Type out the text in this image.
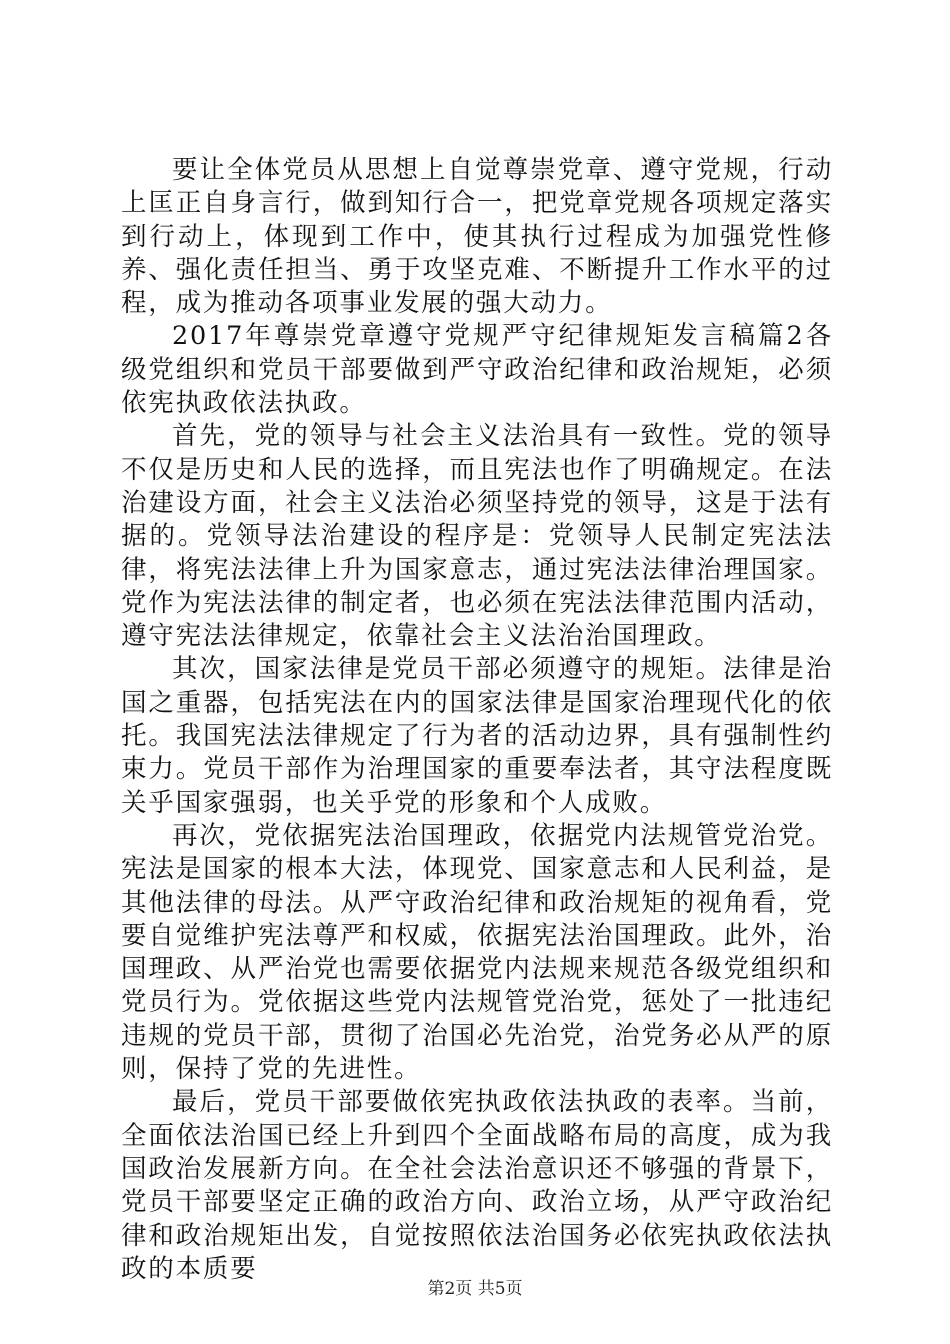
要让全体党员从思想上自觉尊崇党章、遵守党规，行动上匡正自身言行，做到知行合一，把党章党规各项规定落实到行动上，体现到工作中，使其执行过程成为加强党性修养、强化责任担当、勇于攻坚克难、不断提升工作水平的过程，成为推动各项事业发展的强大动力。

2017年尊崇党章遵守党规严守纪律规矩发言稿篇2各级党组织和党员干部要做到严守政治纪律和政治规矩，必须依宪执政依法执政。

首先，党的领导与社会主义法治具有一致性。党的领导不仅是历史和人民的选择，而且宪法也作了明确规定。在法治建设方面，社会主义法治必须坚持党的领导，这是于法有据的。党领导法治建设的程序是：党领导人民制定宪法法律，将宪法法律上升为国家意志，通过宪法法律治理国家。党作为宪法法律的制定者，也必须在宪法法律范围内活动，遵守宪法法律规定，依靠社会主义法治治国理政。

其次，国家法律是党员干部必须遵守的规矩。法律是治国之重器，包括宪法在内的国家法律是国家治理现代化的依托。我国宪法法律规定了行为者的活动边界，具有强制性约束力。党员干部作为治理国家的重要奉法者，其守法程度既关乎国家强弱，也关乎党的形象和个人成败。

再次，党依据宪法治国理政，依据党内法规管党治党。宪法是国家的根本大法，体现党、国家意志和人民利益，是其他法律的母法。从严守政治纪律和政治规矩的视角看，党要自觉维护宪法尊严和权威，依据宪法治国理政。此外，治国理政、从严治党也需要依据党内法规来规范各级党组织和党员行为。党依据这些党内法规管党治党，惩处了一批违纪违规的党员干部，贯彻了治国必先治党，治党务必从严的原则，保持了党的先进性。

最后，党员干部要做依宪执政依法执政的表率。当前，全面依法治国已经上升到四个全面战略布局的高度，成为我国政治发展新方向。在全社会法治意识还不够强的背景下，党员干部要坚定正确的政治方向、政治立场，从严守政治纪律和政治规矩出发，自觉按照依法治国务必依宪执政依法执政的本质要

第2页 共5页
